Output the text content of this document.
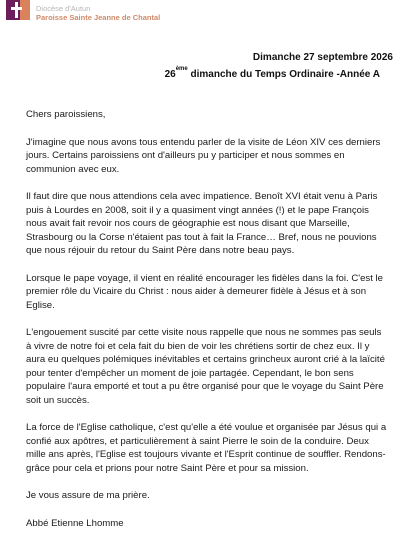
Diocèse d'Autun
Paroisse Sainte Jeanne de Chantal
Dimanche 27 septembre 2026
26ème dimanche du Temps Ordinaire -Année A

Chers paroissiens,

J'imagine que nous avons tous entendu parler de la visite de Léon XIV ces derniers jours. Certains paroissiens ont d'ailleurs pu y participer et nous sommes en communion avec eux.

Il faut dire que nous attendions cela avec impatience. Benoît XVI était venu à Paris puis à Lourdes en 2008, soit il y a quasiment vingt années (!) et le pape François nous avait fait revoir nos cours de géographie est nous disant que Marseille, Strasbourg ou la Corse n'étaient pas tout à fait la France… Bref, nous ne pouvions que nous réjouir du retour du Saint Père dans notre beau pays.

Lorsque le pape voyage, il vient en réalité encourager les fidèles dans la foi. C'est le premier rôle du Vicaire du Christ : nous aider à demeurer fidèle à Jésus et à son Eglise.

L'engouement suscité par cette visite nous rappelle que nous ne sommes pas seuls à vivre de notre foi et cela fait du bien de voir les chrétiens sortir de chez eux. Il y aura eu quelques polémiques inévitables et certains grincheux auront crié à la laïcité pour tenter d'empêcher un moment de joie partagée. Cependant, le bon sens populaire l'aura emporté et tout a pu être organisé pour que le voyage du Saint Père soit un succès.

La force de l'Eglise catholique, c'est qu'elle a été voulue et organisée par Jésus qui a confié aux apôtres, et particulièrement à saint Pierre le soin de la conduire. Deux mille ans après, l'Eglise est toujours vivante et l'Esprit continue de souffler. Rendons-grâce pour cela et prions pour notre Saint Père et pour sa mission.

Je vous assure de ma prière.

Abbé Etienne Lhomme
